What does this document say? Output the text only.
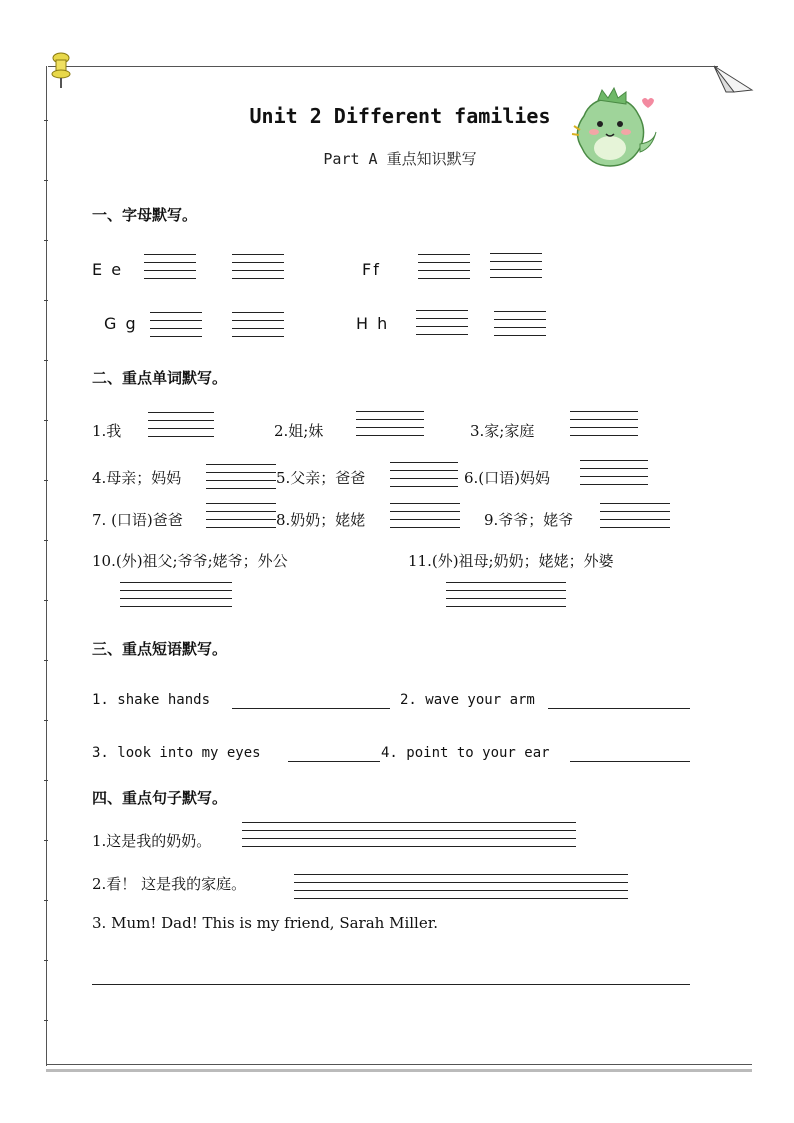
Unit 2 Different families
Part A 重点知识默写
一、字母默写。
E e	Ff
G g	H h
二、重点单词默写。
1.我	2.姐;妹	3.家;家庭
4.母亲；妈妈	5.父亲；爸爸	6.(口语)妈妈
7. (口语)爸爸	8.奶奶；姥姥	9.爷爷；姥爷
10.(外)祖父;爷爷;姥爷；外公	11.(外)祖母;奶奶；姥姥；外婆
三、重点短语默写。
1. shake hands	2. wave your arm
3. look into my eyes	4. point to your ear
四、重点句子默写。
1.这是我的奶奶。
2.看！ 这是我的家庭。
3. Mum! Dad! This is my friend, Sarah Miller.
